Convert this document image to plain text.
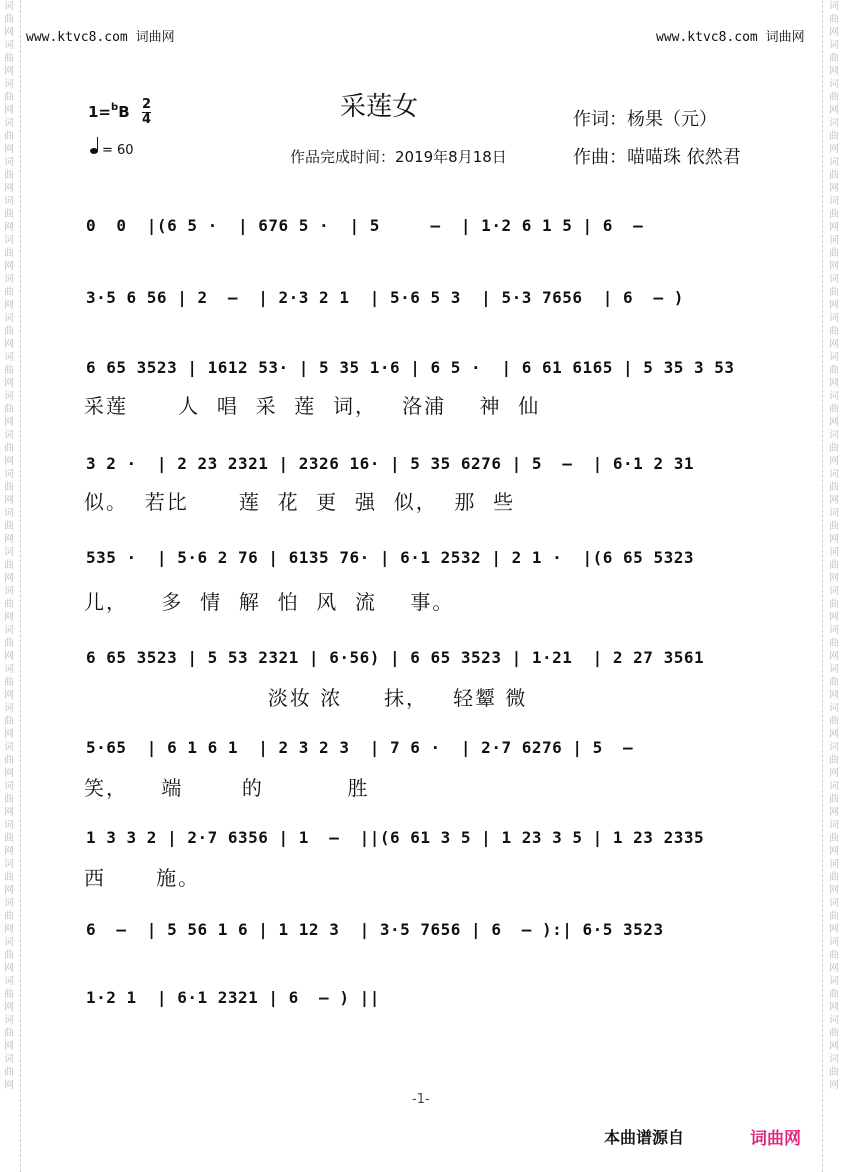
词曲网词曲网词曲网词曲网词曲网词曲网词曲网词曲网词曲网词曲网词曲网词曲网词曲网词曲网词曲网词曲网词曲网词曲网词曲网词曲网词曲网词曲网词曲网词曲网词曲网词曲网词曲网词曲网
词曲网词曲网词曲网词曲网词曲网词曲网词曲网词曲网词曲网词曲网词曲网词曲网词曲网词曲网词曲网词曲网词曲网词曲网词曲网词曲网词曲网词曲网词曲网词曲网词曲网词曲网词曲网词曲网
www.ktvc8.com 词曲网	www.ktvc8.com 词曲网
采莲女
1=$^b$B 2
4
= 60	作品完成时间：2019年8月18日
作词：杨果（元）
作曲：喵喵珠 依然君
0  0  |(6 5 ·  | 676 5 ·  | 5     –  | 1·2 6 1 5 | 6  –
3·5 6 56 | 2  –  | 2·3 2 1  | 5·6 5 3  | 5·3 7656  | 6  – )
6 65 3523 | 1612 53· | 5 35 1·6 | 6 5 ·  | 6 61 6165 | 5 35 3 53
采莲      人  唱  采  莲  词，   洛浦    神  仙
3 2 ·  | 2 23 2321 | 2326 16· | 5 35 6276 | 5  –  | 6·1 2 31
似。  若比      莲  花  更  强  似，  那  些
535 ·  | 5·6 2 76 | 6135 76· | 6·1 2532 | 2 1 ·  |(6 65 5323
儿，    多  情  解  怕  风  流    事。
6 65 3523 | 5 53 2321 | 6·56) | 6 65 3523 | 1·21  | 2 27 3561
淡妆 浓     抹，   轻颦 微
5·65  | 6 1 6 1  | 2 3 2 3  | 7 6 ·  | 2·7 6276 | 5  –
笑，    端       的          胜
1 3 3 2 | 2·7 6356 | 1  –  ||(6 61 3 5 | 1 23 3 5 | 1 23 2335
西      施。
6  –  | 5 56 1 6 | 1 12 3  | 3·5 7656 | 6  – ):| 6·5 3523
1·2 1  | 6·1 2321 | 6  – ) ||
-1-
本曲谱源自	词曲网
